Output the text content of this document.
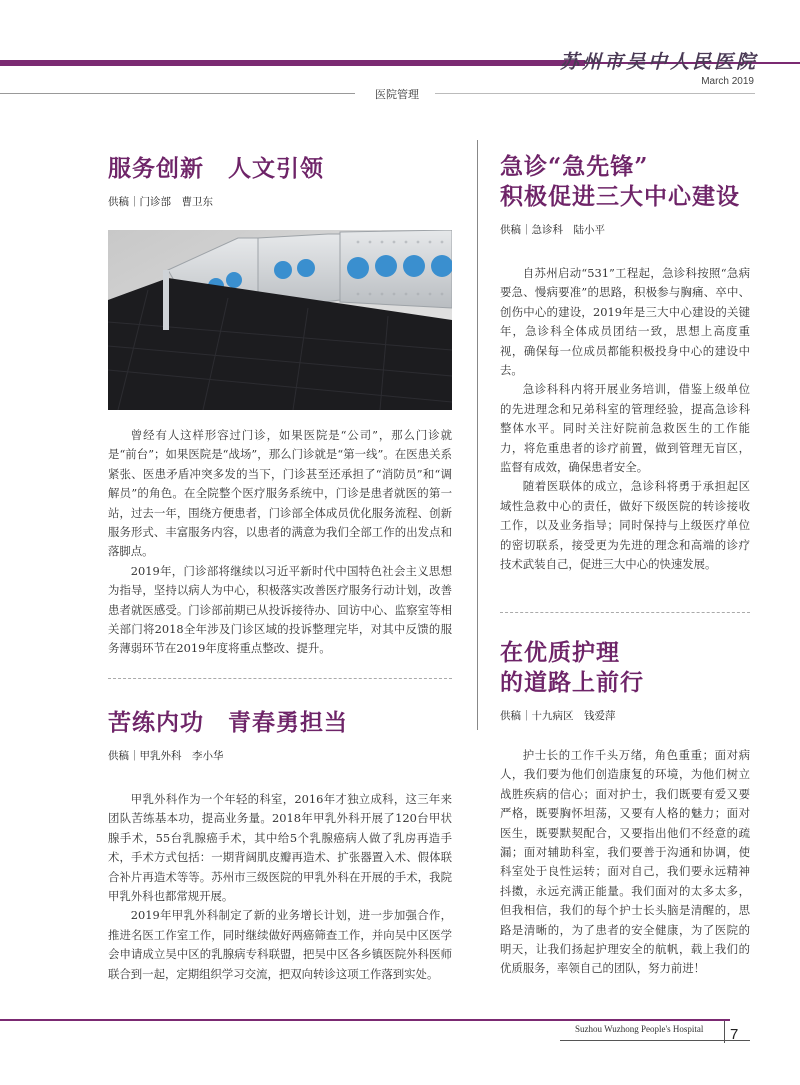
苏州市吴中人民医院
March 2019
医院管理
服务创新　人文引领
供稿｜门诊部　曹卫东

曾经有人这样形容过门诊，如果医院是“公司”，那么门诊就是“前台”；如果医院是“战场”，那么门诊就是“第一线”。在医患关系紧张、医患矛盾冲突多发的当下，门诊甚至还承担了“消防员”和“调解员”的角色。在全院整个医疗服务系统中，门诊是患者就医的第一站，过去一年，围绕方便患者，门诊部全体成员优化服务流程、创新服务形式、丰富服务内容，以患者的满意为我们全部工作的出发点和落脚点。

2019年，门诊部将继续以习近平新时代中国特色社会主义思想为指导，坚持以病人为中心，积极落实改善医疗服务行动计划，改善患者就医感受。门诊部前期已从投诉接待办、回访中心、监察室等相关部门将2018全年涉及门诊区域的投诉整理完毕，对其中反馈的服务薄弱环节在2019年度将重点整改、提升。

苦练内功　青春勇担当
供稿｜甲乳外科　李小华

甲乳外科作为一个年轻的科室，2016年才独立成科，这三年来团队苦练基本功，提高业务量。2018年甲乳外科开展了120台甲状腺手术，55台乳腺癌手术，其中给5个乳腺癌病人做了乳房再造手术，手术方式包括：一期背阔肌皮瓣再造术、扩张器置入术、假体联合补片再造术等等。苏州市三级医院的甲乳外科在开展的手术，我院甲乳外科也都常规开展。

2019年甲乳外科制定了新的业务增长计划，进一步加强合作，推进名医工作室工作，同时继续做好两癌筛查工作，并向吴中区医学会申请成立吴中区的乳腺病专科联盟，把吴中区各乡镇医院外科医师联合到一起，定期组织学习交流，把双向转诊这项工作落到实处。

急诊“急先锋”
积极促进三大中心建设
供稿｜急诊科　陆小平

自苏州启动“531”工程起，急诊科按照“急病要急、慢病要准”的思路，积极参与胸痛、卒中、创伤中心的建设，2019年是三大中心建设的关键年，急诊科全体成员团结一致，思想上高度重视，确保每一位成员都能积极投身中心的建设中去。

急诊科科内将开展业务培训，借鉴上级单位的先进理念和兄弟科室的管理经验，提高急诊科整体水平。同时关注好院前急救医生的工作能力，将危重患者的诊疗前置，做到管理无盲区，监督有成效，确保患者安全。

随着医联体的成立，急诊科将勇于承担起区域性急救中心的责任，做好下级医院的转诊接收工作，以及业务指导；同时保持与上级医疗单位的密切联系，接受更为先进的理念和高端的诊疗技术武装自己，促进三大中心的快速发展。

在优质护理
的道路上前行
供稿｜十九病区　钱爱萍

护士长的工作千头万绪，角色重重；面对病人，我们要为他们创造康复的环境，为他们树立战胜疾病的信心；面对护士，我们既要有爱又要严格，既要胸怀坦荡，又要有人格的魅力；面对医生，既要默契配合，又要指出他们不经意的疏漏；面对辅助科室，我们要善于沟通和协调，使科室处于良性运转；面对自己，我们要永远精神抖擞，永远充满正能量。我们面对的太多太多，但我相信，我们的每个护士长头脑是清醒的，思路是清晰的，为了患者的安全健康，为了医院的明天，让我们扬起护理安全的航帆，载上我们的优质服务，率领自己的团队，努力前进！

Suzhou Wuzhong People's Hospital 7
